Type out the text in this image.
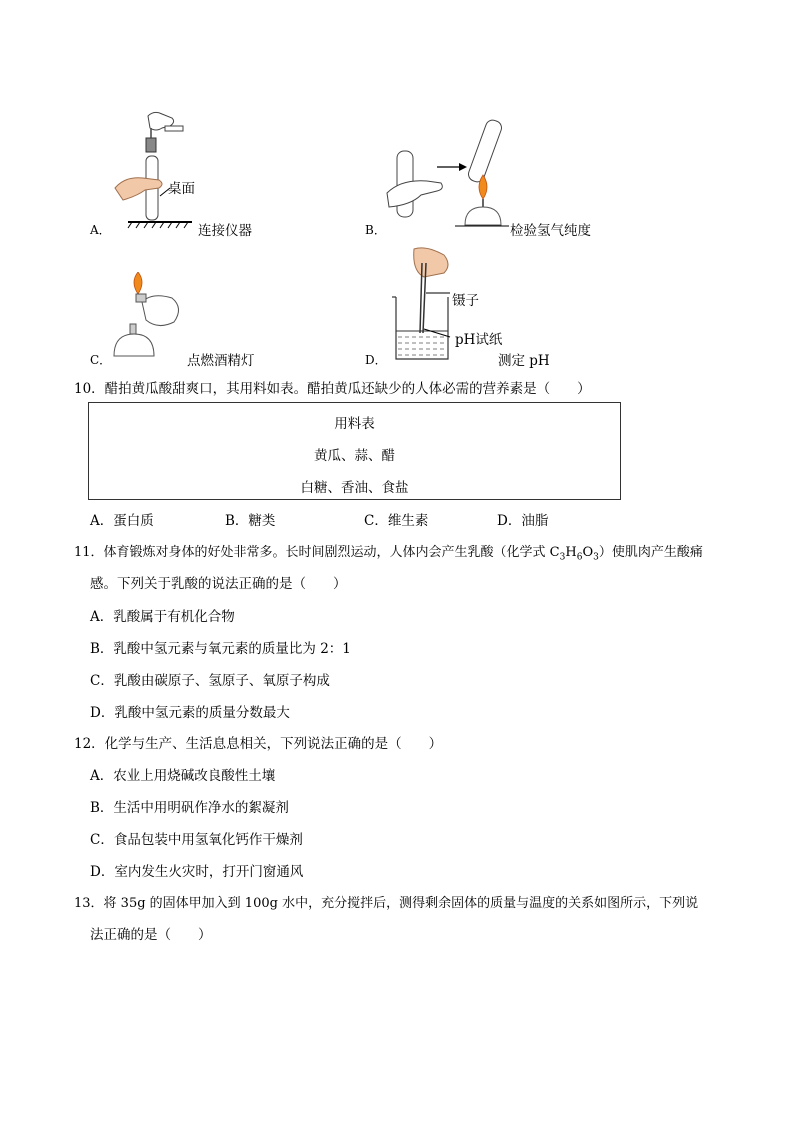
A．
桌面
连接仪器	B．	检验氢气纯度
C．	点燃酒精灯	D．
镊子
pH试纸
测定 pH
10．醋拍黄瓜酸甜爽口，其用料如表。醋拍黄瓜还缺少的人体必需的营养素是（　　）
用料表
黄瓜、蒜、醋
白糖、香油、食盐
A．蛋白质	B．糖类	C．维生素	D．油脂
11．体育锻炼对身体的好处非常多。长时间剧烈运动，人体内会产生乳酸（化学式 $C_3H_6O_3$）使肌肉产生酸痛
感。下列关于乳酸的说法正确的是（　　）
A．乳酸属于有机化合物
B．乳酸中氢元素与氧元素的质量比为 2：1
C．乳酸由碳原子、氢原子、氧原子构成
D．乳酸中氢元素的质量分数最大
12．化学与生产、生活息息相关，下列说法正确的是（　　）
A．农业上用烧碱改良酸性土壤
B．生活中用明矾作净水的絮凝剂
C．食品包装中用氢氧化钙作干燥剂
D．室内发生火灾时，打开门窗通风
13．将 35g 的固体甲加入到 100g 水中，充分搅拌后，测得剩余固体的质量与温度的关系如图所示，下列说
法正确的是（　　）
